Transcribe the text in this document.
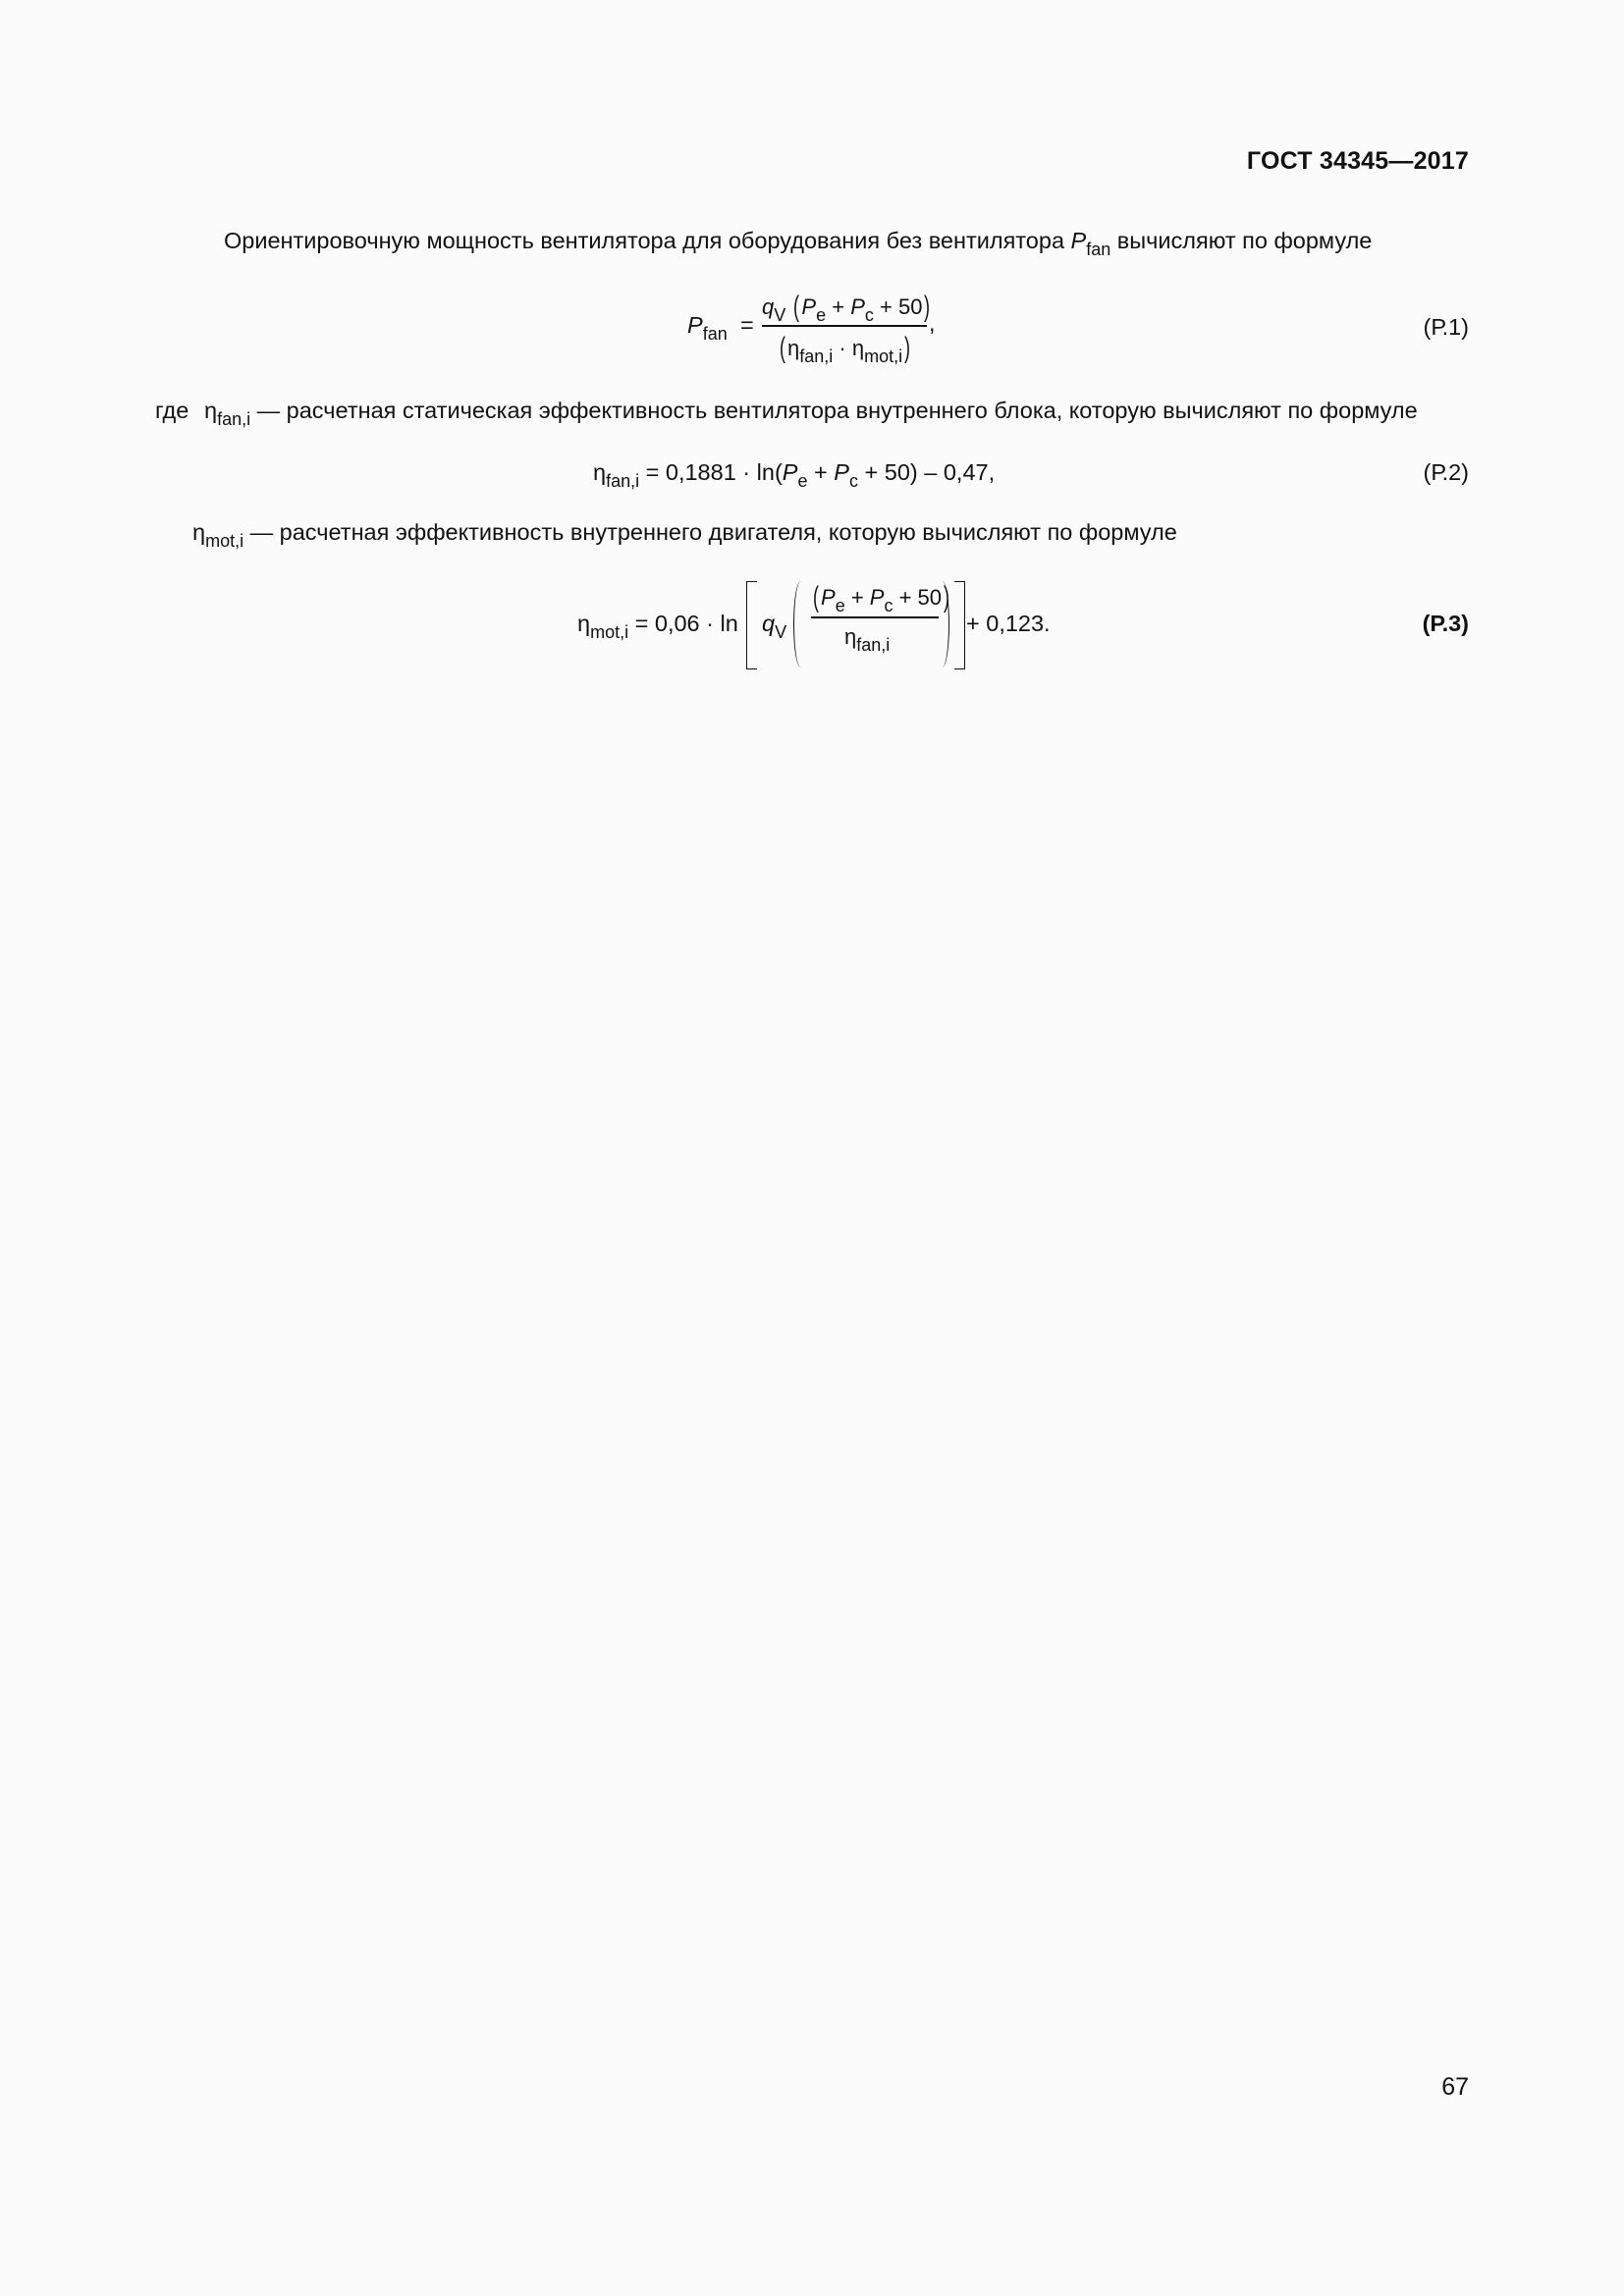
ГОСТ 34345—2017
Ориентировочную мощность вентилятора для оборудования без вентилятора $P_{fan}$ вычисляют по формуле
$P_{fan}$ =
$q_V$ $(P_e + P_c + 50)$
$(\eta_{fan,i} \cdot \eta_{mot,i})$
,	(Р.1)
где $\eta_{fan,i}$ — расчетная статическая эффективность вентилятора внутреннего блока, которую вычисляют по формуле
$\eta_{fan,i} = 0,1881 \cdot \ln(P_e + P_c + 50) - 0,47$,	(Р.2)
$\eta_{mot,i}$ — расчетная эффективность внутреннего двигателя, которую вычисляют по формуле
$\eta_{mot,i} = 0,06 \cdot \ln q_V$
$(P_e + P_c + 50)$
$\eta_{fan,i}$
+ 0,123.	(Р.3)
67
